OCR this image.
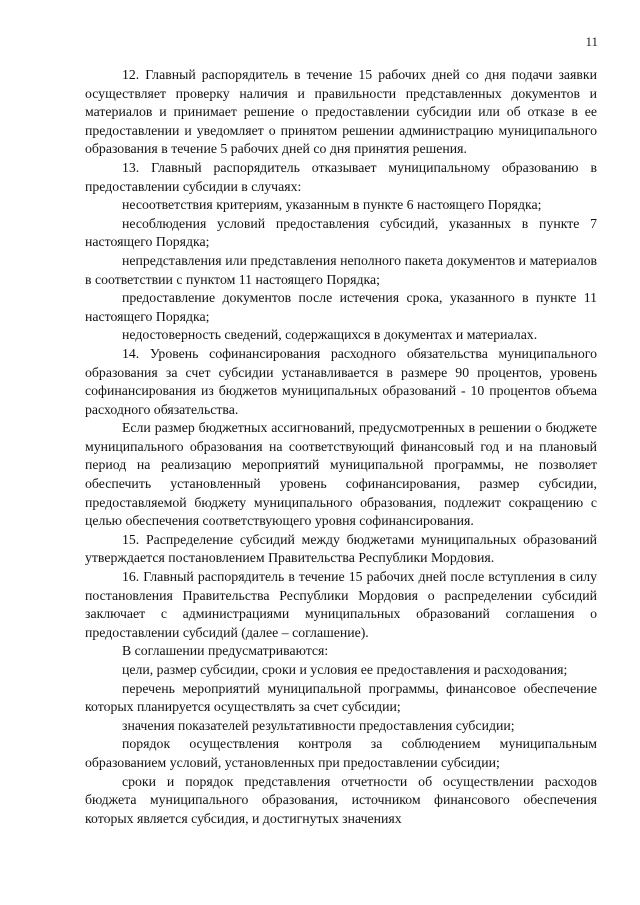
11

12. Главный распорядитель в течение 15 рабочих дней со дня подачи заявки осуществляет проверку наличия и правильности представленных документов и материалов и принимает решение о предоставлении субсидии или об отказе в ее предоставлении и уведомляет о принятом решении администрацию муниципального образования в течение 5 рабочих дней со дня принятия решения.

13. Главный распорядитель отказывает муниципальному образованию в предоставлении субсидии в случаях:

несоответствия критериям, указанным в пункте 6 настоящего Порядка;

несоблюдения условий предоставления субсидий, указанных в пункте 7 настоящего Порядка;

непредставления или представления неполного пакета документов и материалов в соответствии с пунктом 11 настоящего Порядка;

предоставление документов после истечения срока, указанного в пункте 11 настоящего Порядка;

недостоверность сведений, содержащихся в документах и материалах.

14. Уровень софинансирования расходного обязательства муниципального образования за счет субсидии устанавливается в размере 90 процентов, уровень софинансирования из бюджетов муниципальных образований - 10 процентов объема расходного обязательства.

Если размер бюджетных ассигнований, предусмотренных в решении о бюджете муниципального образования на соответствующий финансовый год и на плановый период на реализацию мероприятий муниципальной программы, не позволяет обеспечить установленный уровень софинансирования, размер субсидии, предоставляемой бюджету муниципального образования, подлежит сокращению с целью обеспечения соответствующего уровня софинансирования.

15. Распределение субсидий между бюджетами муниципальных образований утверждается постановлением Правительства Республики Мордовия.

16. Главный распорядитель в течение 15 рабочих дней после вступления в силу постановления Правительства Республики Мордовия о распределении субсидий заключает с администрациями муниципальных образований соглашения о предоставлении субсидий (далее – соглашение).

В соглашении предусматриваются:

цели, размер субсидии, сроки и условия ее предоставления и расходования;

перечень мероприятий муниципальной программы, финансовое обеспечение которых планируется осуществлять за счет субсидии;

значения показателей результативности предоставления субсидии;

порядок осуществления контроля за соблюдением муниципальным образованием условий, установленных при предоставлении субсидии;

сроки и порядок представления отчетности об осуществлении расходов бюджета муниципального образования, источником финансового обеспечения которых является субсидия, и достигнутых значениях
